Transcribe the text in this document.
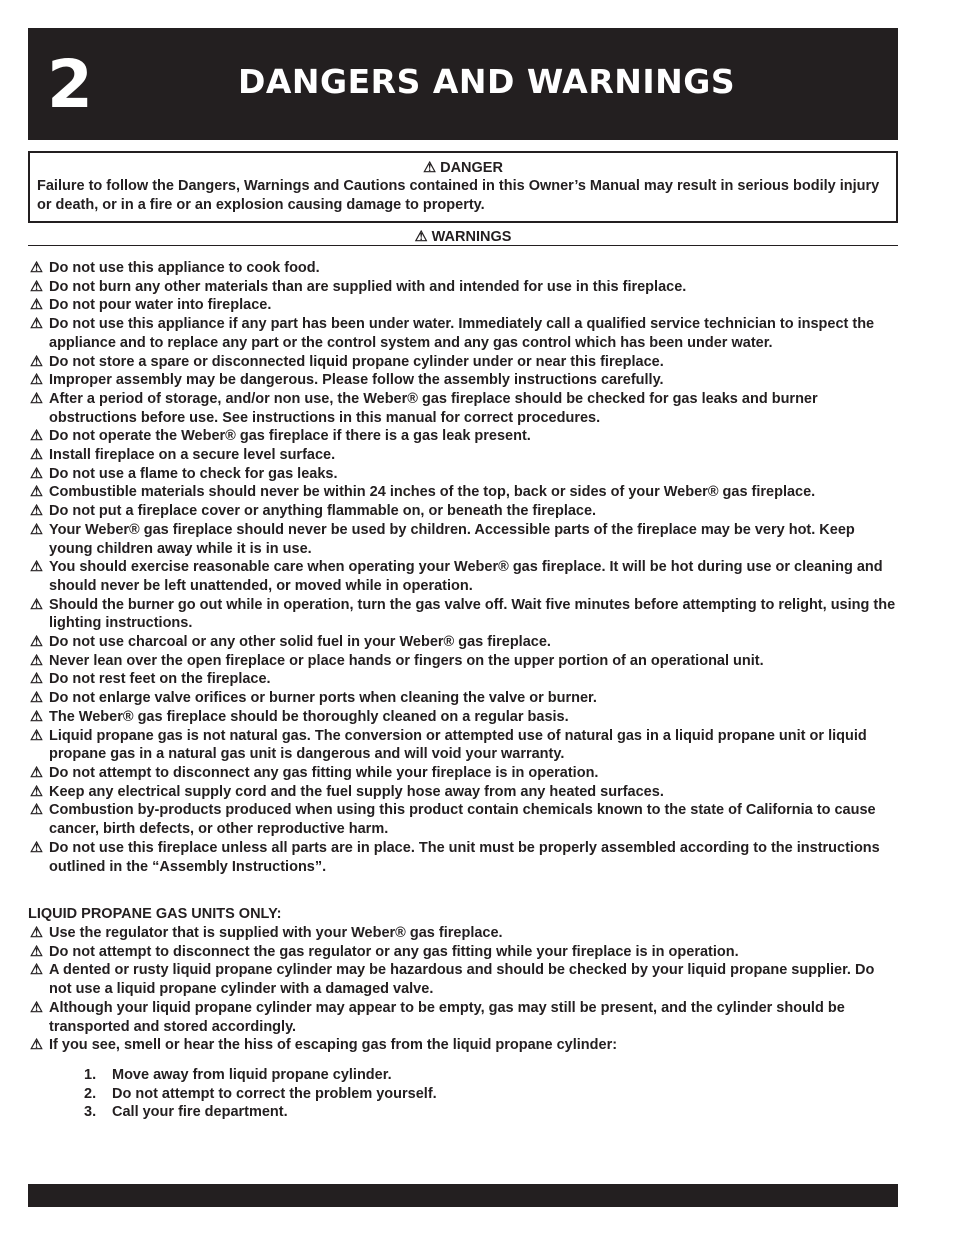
2	DANGERS AND WARNINGS
⚠ DANGER
Failure to follow the Dangers, Warnings and Cautions contained in this Owner’s Manual may result in serious bodily injury or death, or in a fire or an explosion causing damage to property.
⚠ WARNINGS
⚠ Do not use this appliance to cook food.
⚠ Do not burn any other materials than are supplied with and intended for use in this fireplace.
⚠ Do not pour water into fireplace.
⚠ Do not use this appliance if any part has been under water. Immediately call a qualified service technician to inspect the appliance and to replace any part or the control system and any gas control which has been under water.
⚠ Do not store a spare or disconnected liquid propane cylinder under or near this fireplace.
⚠ Improper assembly may be dangerous. Please follow the assembly instructions carefully.
⚠ After a period of storage, and/or non use, the Weber® gas fireplace should be checked for gas leaks and burner obstructions before use. See instructions in this manual for correct procedures.
⚠ Do not operate the Weber® gas fireplace if there is a gas leak present.
⚠ Install fireplace on a secure level surface.
⚠ Do not use a flame to check for gas leaks.
⚠ Combustible materials should never be within 24 inches of the top, back or sides of your Weber® gas fireplace.
⚠ Do not put a fireplace cover or anything flammable on, or beneath the fireplace.
⚠ Your Weber® gas fireplace should never be used by children. Accessible parts of the fireplace may be very hot. Keep young children away while it is in use.
⚠ You should exercise reasonable care when operating your Weber® gas fireplace. It will be hot during use or cleaning and should never be left unattended, or moved while in operation.
⚠ Should the burner go out while in operation, turn the gas valve off. Wait five minutes before attempting to relight, using the lighting instructions.
⚠ Do not use charcoal or any other solid fuel in your Weber® gas fireplace.
⚠ Never lean over the open fireplace or place hands or fingers on the upper portion of an operational unit.
⚠ Do not rest feet on the fireplace.
⚠ Do not enlarge valve orifices or burner ports when cleaning the valve or burner.
⚠ The Weber® gas fireplace should be thoroughly cleaned on a regular basis.
⚠ Liquid propane gas is not natural gas. The conversion or attempted use of natural gas in a liquid propane unit or liquid propane gas in a natural gas unit is dangerous and will void your warranty.
⚠ Do not attempt to disconnect any gas fitting while your fireplace is in operation.
⚠ Keep any electrical supply cord and the fuel supply hose away from any heated surfaces.
⚠ Combustion by-products produced when using this product contain chemicals known to the state of California to cause cancer, birth defects, or other reproductive harm.
⚠ Do not use this fireplace unless all parts are in place. The unit must be properly assembled according to the instructions outlined in the “Assembly Instructions”.
LIQUID PROPANE GAS UNITS ONLY:
⚠ Use the regulator that is supplied with your Weber® gas fireplace.
⚠ Do not attempt to disconnect the gas regulator or any gas fitting while your fireplace is in operation.
⚠ A dented or rusty liquid propane cylinder may be hazardous and should be checked by your liquid propane supplier. Do not use a liquid propane cylinder with a damaged valve.
⚠ Although your liquid propane cylinder may appear to be empty, gas may still be present, and the cylinder should be transported and stored accordingly.
⚠ If you see, smell or hear the hiss of escaping gas from the liquid propane cylinder:
1. Move away from liquid propane cylinder.
2. Do not attempt to correct the problem yourself.
3. Call your fire department.
